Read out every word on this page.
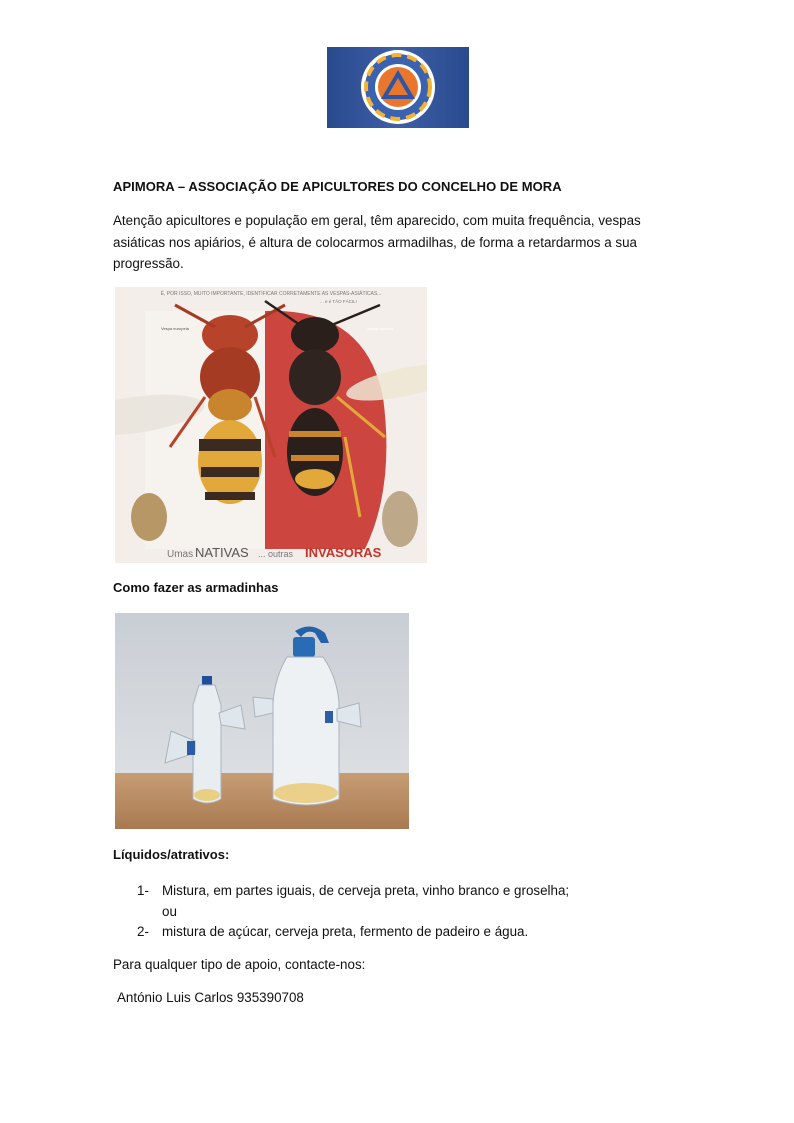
APIMORA – ASSOCIAÇÃO DE APICULTORES DO CONCELHO DE MORA
Atenção apicultores e população em geral, têm aparecido, com muita frequência, vespas asiáticas nos apiários, é altura de colocarmos armadilhas, de forma a retardarmos a sua progressão.
É, POR ISSO, MUITO IMPORTANTE, IDENTIFICAR CORRETAMENTE AS VESPAS-ASIÁTICAS...
... e é TÃO FÁCIL!
Vespa europeia	Vespa asiática
Umas NATIVAS ... outras INVASORAS
Como fazer as armadinhas
Líquidos/atrativos:
1- Mistura, em partes iguais, de cerveja preta, vinho branco e groselha;
ou
2- mistura de açúcar, cerveja preta, fermento de padeiro e água.
Para qualquer tipo de apoio, contacte-nos:
António Luis Carlos 935390708
